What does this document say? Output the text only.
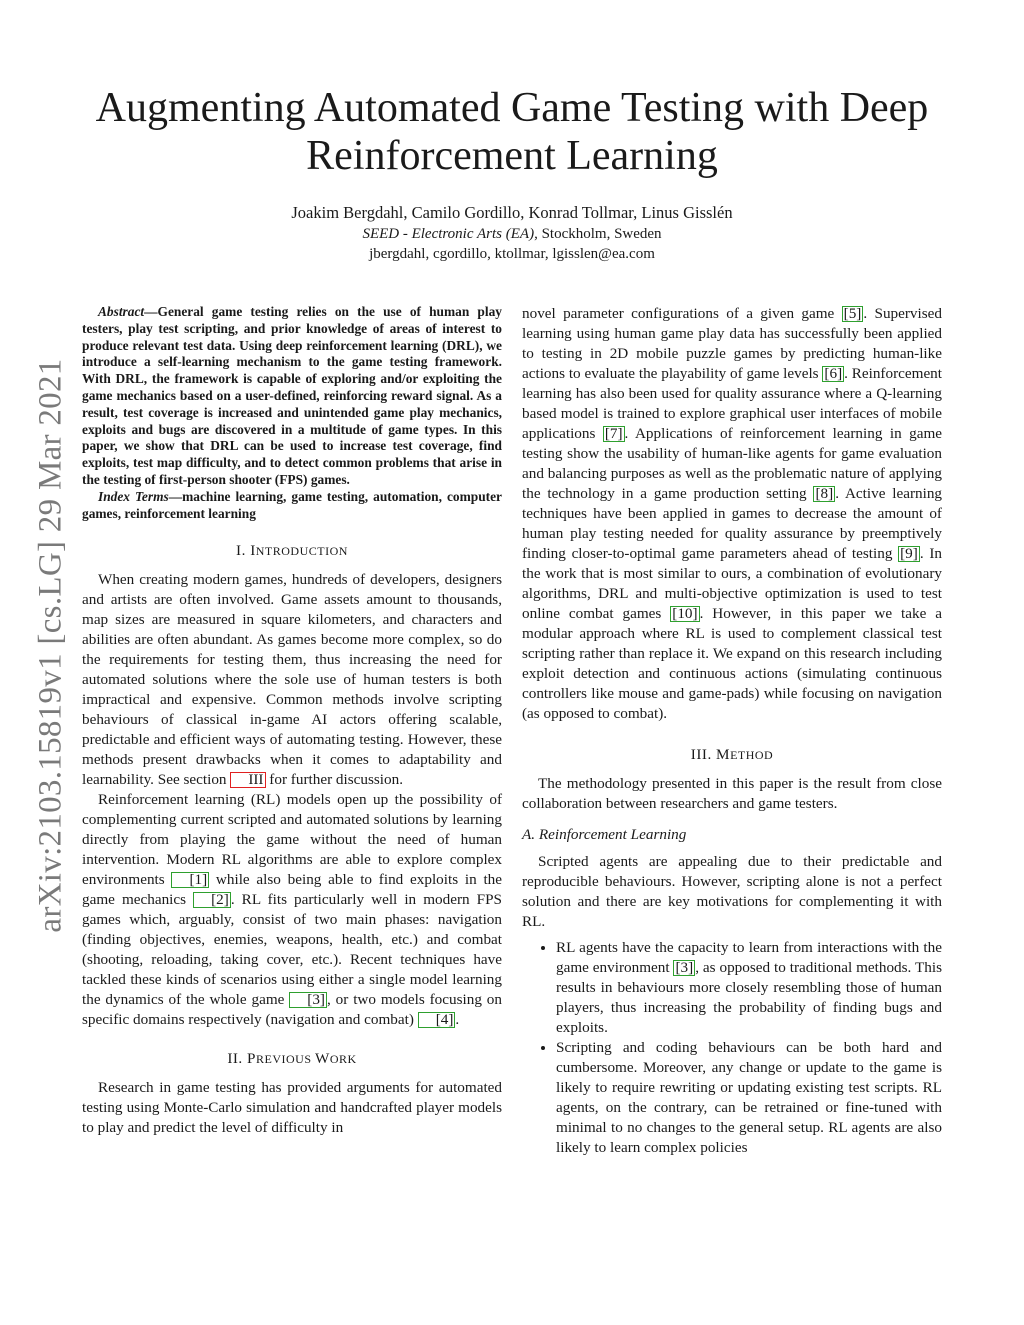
arXiv:2103.15819v1 [cs.LG] 29 Mar 2021
Augmenting Automated Game Testing with Deep
Reinforcement Learning
Joakim Bergdahl, Camilo Gordillo, Konrad Tollmar, Linus Gisslén
SEED - Electronic Arts (EA), Stockholm, Sweden
jbergdahl, cgordillo, ktollmar, lgisslen@ea.com

Abstract—General game testing relies on the use of human play testers, play test scripting, and prior knowledge of areas of interest to produce relevant test data. Using deep reinforcement learning (DRL), we introduce a self-learning mechanism to the game testing framework. With DRL, the framework is capable of exploring and/or exploiting the game mechanics based on a user-defined, reinforcing reward signal. As a result, test coverage is increased and unintended game play mechanics, exploits and bugs are discovered in a multitude of game types. In this paper, we show that DRL can be used to increase test coverage, find exploits, test map difficulty, and to detect common problems that arise in the testing of first-person shooter (FPS) games.

Index Terms—machine learning, game testing, automation, computer games, reinforcement learning

I. INTRODUCTION

When creating modern games, hundreds of developers, designers and artists are often involved. Game assets amount to thousands, map sizes are measured in square kilometers, and characters and abilities are often abundant. As games become more complex, so do the requirements for testing them, thus increasing the need for automated solutions where the sole use of human testers is both impractical and expensive. Common methods involve scripting behaviours of classical in-game AI actors offering scalable, predictable and efficient ways of automating testing. However, these methods present drawbacks when it comes to adaptability and learnability. See section III for further discussion.

Reinforcement learning (RL) models open up the possibility of complementing current scripted and automated solutions by learning directly from playing the game without the need of human intervention. Modern RL algorithms are able to explore complex environments [1] while also being able to find exploits in the game mechanics [2] . RL fits particularly well in modern FPS games which, arguably, consist of two main phases: navigation (finding objectives, enemies, weapons, health, etc.) and combat (shooting, reloading, taking cover, etc.). Recent techniques have tackled these kinds of scenarios using either a single model learning the dynamics of the whole game [3] , or two models focusing on specific domains respectively (navigation and combat) [4] .

II. PREVIOUS WORK

Research in game testing has provided arguments for automated testing using Monte-Carlo simulation and handcrafted player models to play and predict the level of difficulty in

novel parameter configurations of a given game [5] . Supervised learning using human game play data has successfully been applied to testing in 2D mobile puzzle games by predicting human-like actions to evaluate the playability of game levels [6] . Reinforcement learning has also been used for quality assurance where a Q-learning based model is trained to explore graphical user interfaces of mobile applications [7] . Applications of reinforcement learning in game testing show the usability of human-like agents for game evaluation and balancing purposes as well as the problematic nature of applying the technology in a game production setting [8] . Active learning techniques have been applied in games to decrease the amount of human play testing needed for quality assurance by preemptively finding closer-to-optimal game parameters ahead of testing [9] . In the work that is most similar to ours, a combination of evolutionary algorithms, DRL and multi-objective optimization is used to test online combat games [10] . However, in this paper we take a modular approach where RL is used to complement classical test scripting rather than replace it. We expand on this research including exploit detection and continuous actions (simulating continuous controllers like mouse and game-pads) while focusing on navigation (as opposed to combat).

III. METHOD

The methodology presented in this paper is the result from close collaboration between researchers and game testers.

A. Reinforcement Learning

Scripted agents are appealing due to their predictable and reproducible behaviours. However, scripting alone is not a perfect solution and there are key motivations for complementing it with RL.

• RL agents have the capacity to learn from interactions with the game environment [3] , as opposed to traditional methods. This results in behaviours more closely resembling those of human players, thus increasing the probability of finding bugs and exploits.
• Scripting and coding behaviours can be both hard and cumbersome. Moreover, any change or update to the game is likely to require rewriting or updating existing test scripts. RL agents, on the contrary, can be retrained or fine-tuned with minimal to no changes to the general setup. RL agents are also likely to learn complex policies
